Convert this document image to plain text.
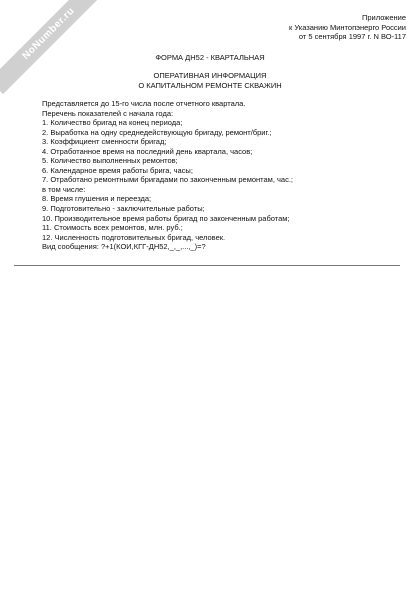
NoNumber.ru	Приложение
к Указанию Минтопэнерго России
от 5 сентября 1997 г. N ВО-117
ФОРМА ДН52 - КВАРТАЛЬНАЯ
ОПЕРАТИВНАЯ ИНФОРМАЦИЯ
О КАПИТАЛЬНОМ РЕМОНТЕ СКВАЖИН
Представляется до 15-го числа после отчетного квартала.
Перечень показателей с начала года:
1. Количество бригад на конец периода;
2. Выработка на одну среднедействующую бригаду, ремонт/бриг.;
3. Коэффициент сменности бригад;
4. Отработанное время на последний день квартала, часов;
5. Количество выполненных ремонтов;
6. Календарное время работы брига, часы;
7. Отработано ремонтными бригадами по законченным ремонтам, час.;
в том числе:
8. Время глушения и переезда;
9. Подготовительно - заключительные работы;
10. Производительное время работы бригад по законченным работам;
11. Стоимость всех ремонтов, млн. руб.;
12. Численность подготовительных бригад, человек.
Вид сообщения: ?+1(КОИ,КГГ-ДН52,_,_,...,_)=?
